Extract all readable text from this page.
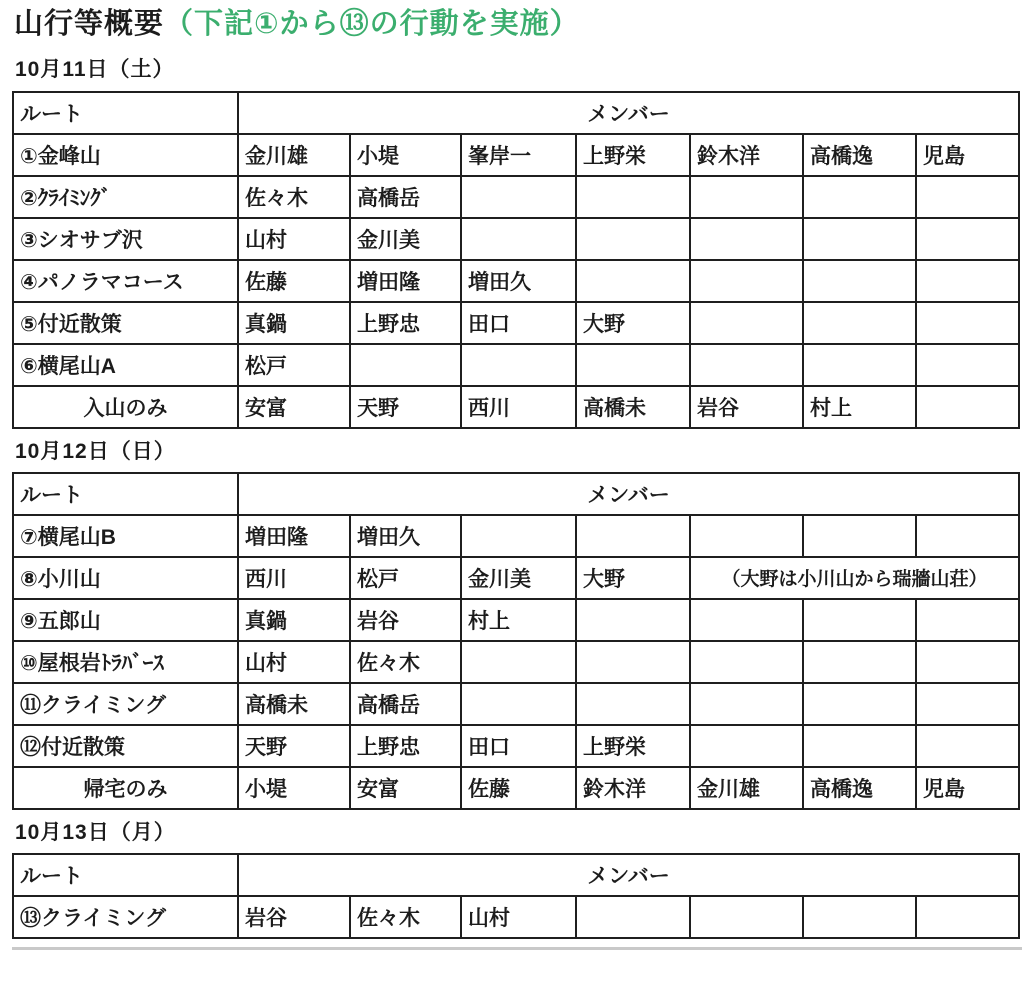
山行等概要（下記①から⑬の行動を実施）
10月11日（土）
ルート	メンバー						
①金峰山	金川雄	小堤	峯岸一	上野栄	鈴木洋	高橋逸	児島
②ｸﾗｲﾐﾝｸﾞ	佐々木	高橋岳					
③シオサブ沢	山村	金川美					
④パノラマコース	佐藤	増田隆	増田久				
⑤付近散策	真鍋	上野忠	田口	大野			
⑥横尾山A	松戸						
入山のみ	安富	天野	西川	高橋未	岩谷	村上	
10月12日（日）
ルート	メンバー						
⑦横尾山B	増田隆	増田久					
⑧小川山	西川	松戸	金川美	大野	（大野は小川山から瑞牆山荘）		
⑨五郎山	真鍋	岩谷	村上				
⑩屋根岩ﾄﾗﾊﾞｰｽ	山村	佐々木					
⑪クライミング	高橋未	高橋岳					
⑫付近散策	天野	上野忠	田口	上野栄			
帰宅のみ	小堤	安富	佐藤	鈴木洋	金川雄	高橋逸	児島
10月13日（月）
ルート	メンバー						
⑬クライミング	岩谷	佐々木	山村				
